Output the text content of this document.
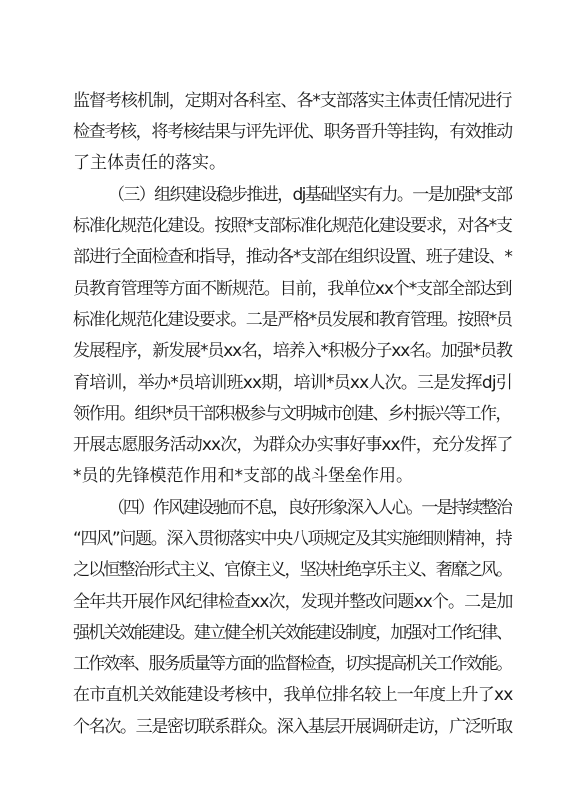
监督考核机制，定期对各科室、各*支部落实主体责任情况进行
检查考核，将考核结果与评先评优、职务晋升等挂钩，有效推动
了主体责任的落实。
（三）组织建设稳步推进，dj基础坚实有力。一是加强*支部
标准化规范化建设。按照*支部标准化规范化建设要求，对各*支
部进行全面检查和指导，推动各*支部在组织设置、班子建设、*
员教育管理等方面不断规范。目前，我单位xx个*支部全部达到
标准化规范化建设要求。二是严格*员发展和教育管理。按照*员
发展程序，新发展*员xx名，培养入*积极分子xx名。加强*员教
育培训，举办*员培训班xx期，培训*员xx人次。三是发挥dj引
领作用。组织*员干部积极参与文明城市创建、乡村振兴等工作，
开展志愿服务活动xx次，为群众办实事好事xx件，充分发挥了
*员的先锋模范作用和*支部的战斗堡垒作用。
（四）作风建设驰而不息，良好形象深入人心。一是持续整治
“四风”问题。深入贯彻落实中央八项规定及其实施细则精神，持
之以恒整治形式主义、官僚主义，坚决杜绝享乐主义、奢靡之风。
全年共开展作风纪律检查xx次，发现并整改问题xx个。二是加
强机关效能建设。建立健全机关效能建设制度，加强对工作纪律、
工作效率、服务质量等方面的监督检查，切实提高机关工作效能。
在市直机关效能建设考核中，我单位排名较上一年度上升了xx
个名次。三是密切联系群众。深入基层开展调研走访，广泛听取
